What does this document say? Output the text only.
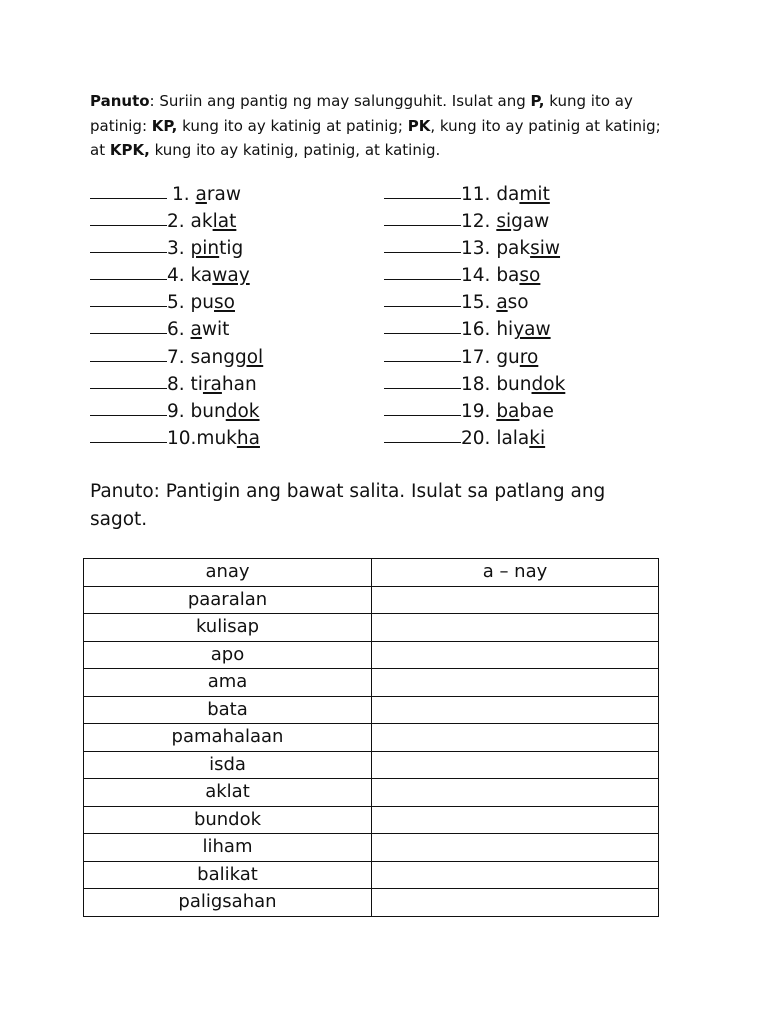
Panuto: Suriin ang pantig ng may salungguhit. Isulat ang P, kung ito ay patinig: KP, kung ito ay katinig at patinig; PK, kung ito ay patinig at katinig; at KPK, kung ito ay katinig, patinig, at katinig.
1. araw
2. aklat
3. pintig
4. kaway
5. puso
6. awit
7. sanggol
8. tirahan
9. bundok
10.mukha
11. damit
12. sigaw
13. paksiw
14. baso
15. aso
16. hiyaw
17. guro
18. bundok
19. babae
20. lalaki
Panuto: Pantigin ang bawat salita. Isulat sa patlang ang sagot.
anay	a – nay
paaralan	
kulisap	
apo	
ama	
bata	
pamahalaan	
isda	
aklat	
bundok	
liham	
balikat	
paligsahan	
